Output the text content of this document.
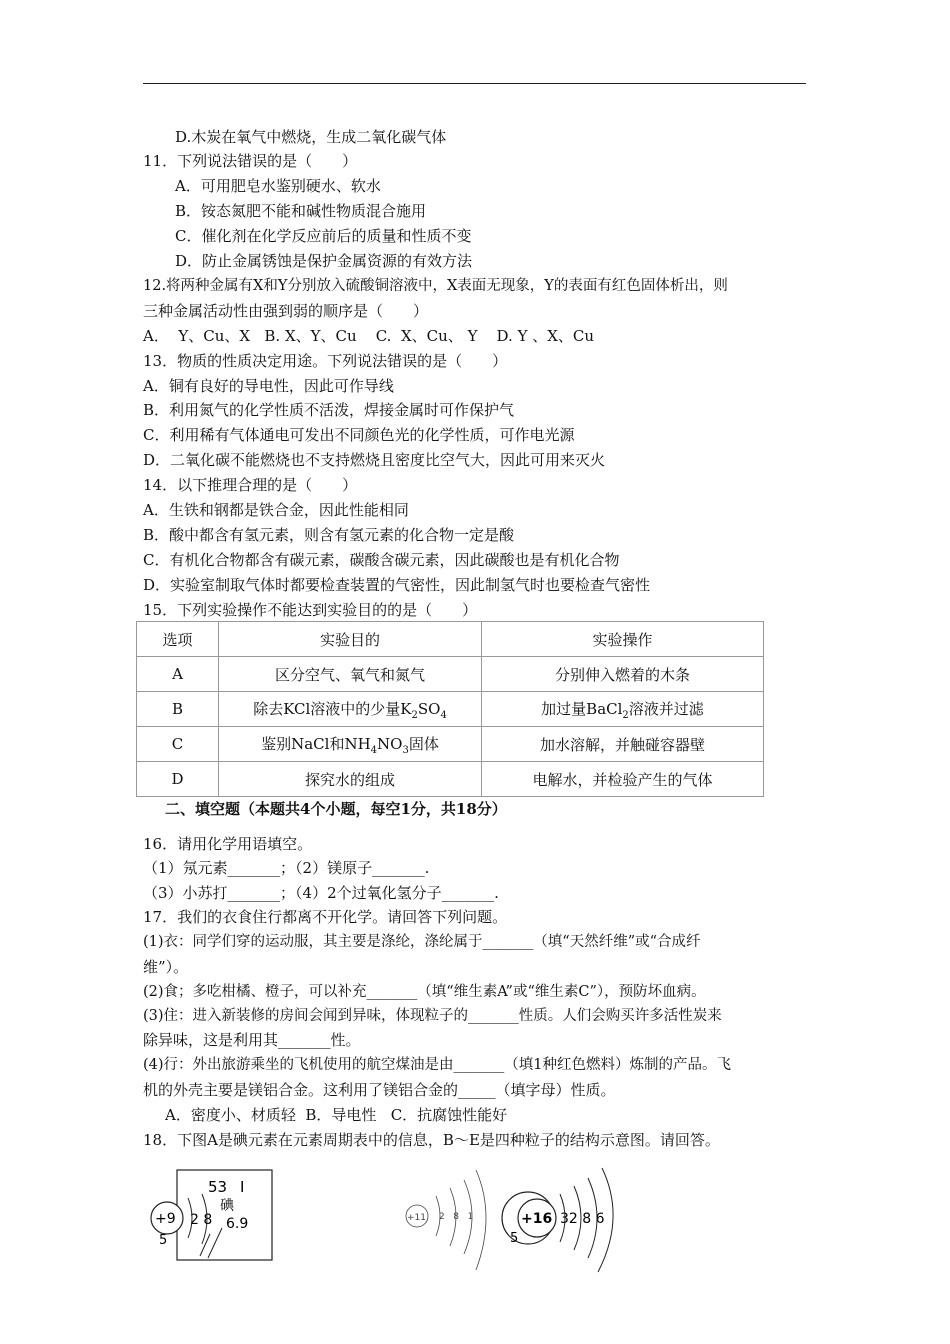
D.木炭在氧气中燃烧，生成二氧化碳气体
11．下列说法错误的是（　　）
A．可用肥皂水鉴别硬水、软水
B．铵态氮肥不能和碱性物质混合施用
C．催化剂在化学反应前后的质量和性质不变
D．防止金属锈蚀是保护金属资源的有效方法
12.将两种金属有X和Y分别放入硫酸铜溶液中，X表面无现象，Y的表面有红色固体析出，则
三种金属活动性由强到弱的顺序是（　　）
A．  Y、Cu、X   B. X、Y、Cu    C.  X、Cu、 Y    D. Y 、X、Cu
13．物质的性质决定用途。下列说法错误的是（　　）
A．铜有良好的导电性，因此可作导线
B．利用氮气的化学性质不活泼，焊接金属时可作保护气
C．利用稀有气体通电可发出不同颜色光的化学性质，可作电光源
D．二氧化碳不能燃烧也不支持燃烧且密度比空气大，因此可用来灭火
14．以下推理合理的是（　　）
A．生铁和钢都是铁合金，因此性能相同
B．酸中都含有氢元素，则含有氢元素的化合物一定是酸
C．有机化合物都含有碳元素，碳酸含碳元素，因此碳酸也是有机化合物
D．实验室制取气体时都要检查装置的气密性，因此制氢气时也要检查气密性
15．下列实验操作不能达到实验目的的是（　　）
选项	实验目的	实验操作
A	区分空气、氧气和氮气	分别伸入燃着的木条
B	除去KCl溶液中的少量$K_2SO_4$	加过量BaCl$_2$溶液并过滤
C	鉴别NaCl和$NH_4NO_3$固体	加水溶解，并触碰容器壁
D	探究水的组成	电解水，并检验产生的气体
二、填空题（本题共4个小题，每空1分，共18分）
16．请用化学用语填空。
（1）氖元素_______；（2）镁原子_______.
（3）小苏打_______；（4）2个过氧化氢分子_______.
17．我们的衣食住行都离不开化学。请回答下列问题。
(1)衣：同学们穿的运动服，其主要是涤纶，涤纶属于_______（填“天然纤维”或“合成纤
维”）。
(2)食；多吃柑橘、橙子，可以补充_______（填“维生素A”或“维生素C”），预防坏血病。
(3)住：进入新装修的房间会闻到异味，体现粒子的_______性质。人们会购买许多活性炭来
除异味，这是利用其_______性。
(4)行：外出旅游乘坐的飞机使用的航空煤油是由_______（填1种红色燃料）炼制的产品。飞
机的外壳主要是镁铝合金。这利用了镁铝合金的_____（填字母）性质。
A．密度小、材质轻  B．导电性   C．抗腐蚀性能好
18．下图A是碘元素在元素周期表中的信息，B～E是四种粒子的结构示意图。请回答。
53 I
碘
6.9
+9 2 8
5
+11 2   8   1	+16 32 8 6
5
